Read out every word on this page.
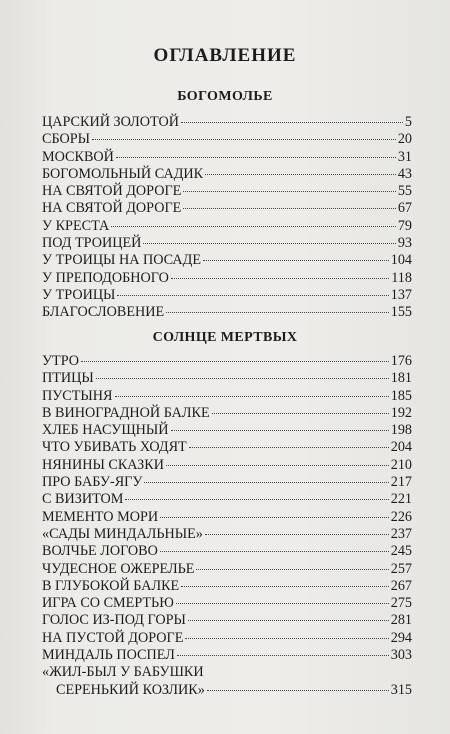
ОГЛАВЛЕНИЕ
БОГОМОЛЬЕ
ЦАРСКИЙ ЗОЛОТОЙ	5
СБОРЫ	20
МОСКВОЙ	31
БОГОМОЛЬНЫЙ САДИК	43
НА СВЯТОЙ ДОРОГЕ	55
НА СВЯТОЙ ДОРОГЕ	67
У КРЕСТА	79
ПОД ТРОИЦЕЙ	93
У ТРОИЦЫ НА ПОСАДЕ	104
У ПРЕПОДОБНОГО	118
У ТРОИЦЫ	137
БЛАГОСЛОВЕНИЕ	155
СОЛНЦЕ МЕРТВЫХ
УТРО	176
ПТИЦЫ	181
ПУСТЫНЯ	185
В ВИНОГРАДНОЙ БАЛКЕ	192
ХЛЕБ НАСУЩНЫЙ	198
ЧТО УБИВАТЬ ХОДЯТ	204
НЯНИНЫ СКАЗКИ	210
ПРО БАБУ-ЯГУ	217
С ВИЗИТОМ	221
МЕМЕНТО МОРИ	226
«САДЫ МИНДАЛЬНЫЕ»	237
ВОЛЧЬЕ ЛОГОВО	245
ЧУДЕСНОЕ ОЖЕРЕЛЬЕ	257
В ГЛУБОКОЙ БАЛКЕ	267
ИГРА СО СМЕРТЬЮ	275
ГОЛОС ИЗ-ПОД ГОРЫ	281
НА ПУСТОЙ ДОРОГЕ	294
МИНДАЛЬ ПОСПЕЛ	303
«ЖИЛ-БЫЛ У БАБУШКИ
СЕРЕНЬКИЙ КОЗЛИК»	315
